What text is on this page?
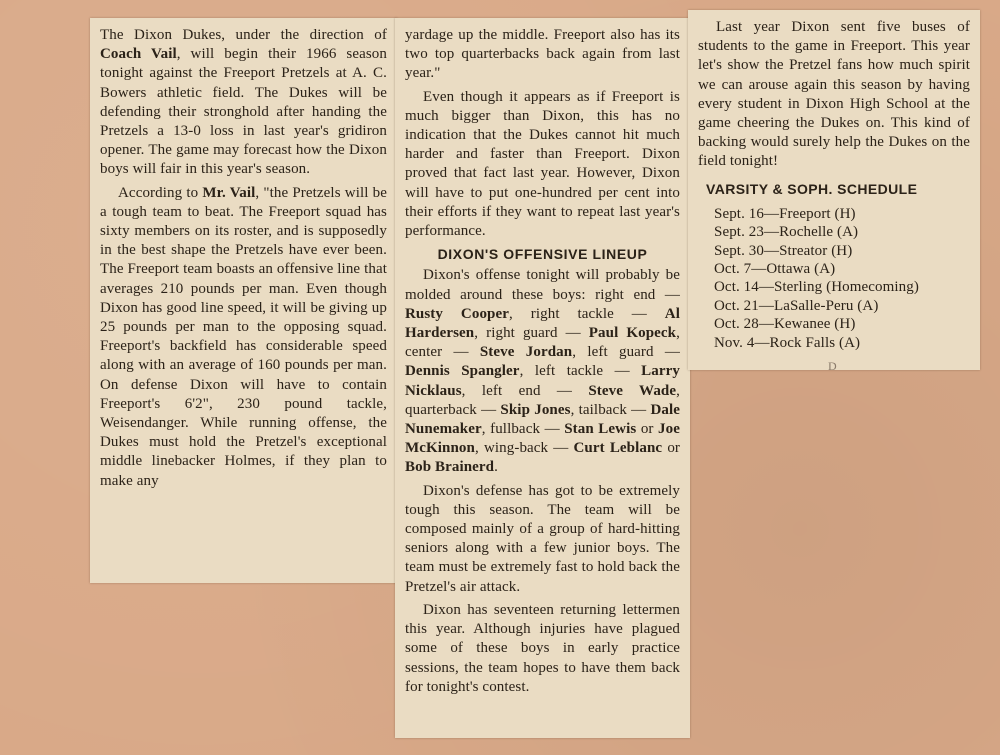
The Dixon Dukes, under the direction of Coach Vail, will begin their 1966 season tonight against the Freeport Pretzels at A. C. Bowers athletic field. The Dukes will be defending their stronghold after handing the Pretzels a 13-0 loss in last year's gridiron opener. The game may forecast how the Dixon boys will fair in this year's season.

According to Mr. Vail, "the Pretzels will be a tough team to beat. The Freeport squad has sixty members on its roster, and is supposedly in the best shape the Pretzels have ever been. The Freeport team boasts an offensive line that averages 210 pounds per man. Even though Dixon has good line speed, it will be giving up 25 pounds per man to the opposing squad. Freeport's backfield has considerable speed along with an average of 160 pounds per man. On defense Dixon will have to contain Freeport's 6'2", 230 pound tackle, Weisendanger. While running offense, the Dukes must hold the Pretzel's exceptional middle linebacker Holmes, if they plan to make any

yardage up the middle. Freeport also has its two top quarterbacks back again from last year."

Even though it appears as if Freeport is much bigger than Dixon, this has no indication that the Dukes cannot hit much harder and faster than Freeport. Dixon proved that fact last year. However, Dixon will have to put one-hundred per cent into their efforts if they want to repeat last year's performance.

DIXON'S OFFENSIVE LINEUP

Dixon's offense tonight will probably be molded around these boys: right end — Rusty Cooper, right tackle — Al Hardersen, right guard — Paul Kopeck, center — Steve Jordan, left guard — Dennis Spangler, left tackle — Larry Nicklaus, left end — Steve Wade, quarterback — Skip Jones, tailback — Dale Nunemaker, fullback — Stan Lewis or Joe McKinnon, wing-back — Curt Leblanc or Bob Brainerd.

Dixon's defense has got to be extremely tough this season. The team will be composed mainly of a group of hard-hitting seniors along with a few junior boys. The team must be extremely fast to hold back the Pretzel's air attack.

Dixon has seventeen returning lettermen this year. Although injuries have plagued some of these boys in early practice sessions, the team hopes to have them back for tonight's contest.

Last year Dixon sent five buses of students to the game in Freeport. This year let's show the Pretzel fans how much spirit we can arouse again this season by having every student in Dixon High School at the game cheering the Dukes on. This kind of backing would surely help the Dukes on the field tonight!

VARSITY & SOPH. SCHEDULE
Sept. 16—Freeport (H)
Sept. 23—Rochelle (A)
Sept. 30—Streator (H)
Oct. 7—Ottawa (A)
Oct. 14—Sterling (Homecoming)
Oct. 21—LaSalle-Peru (A)
Oct. 28—Kewanee (H)
Nov. 4—Rock Falls (A)
D
